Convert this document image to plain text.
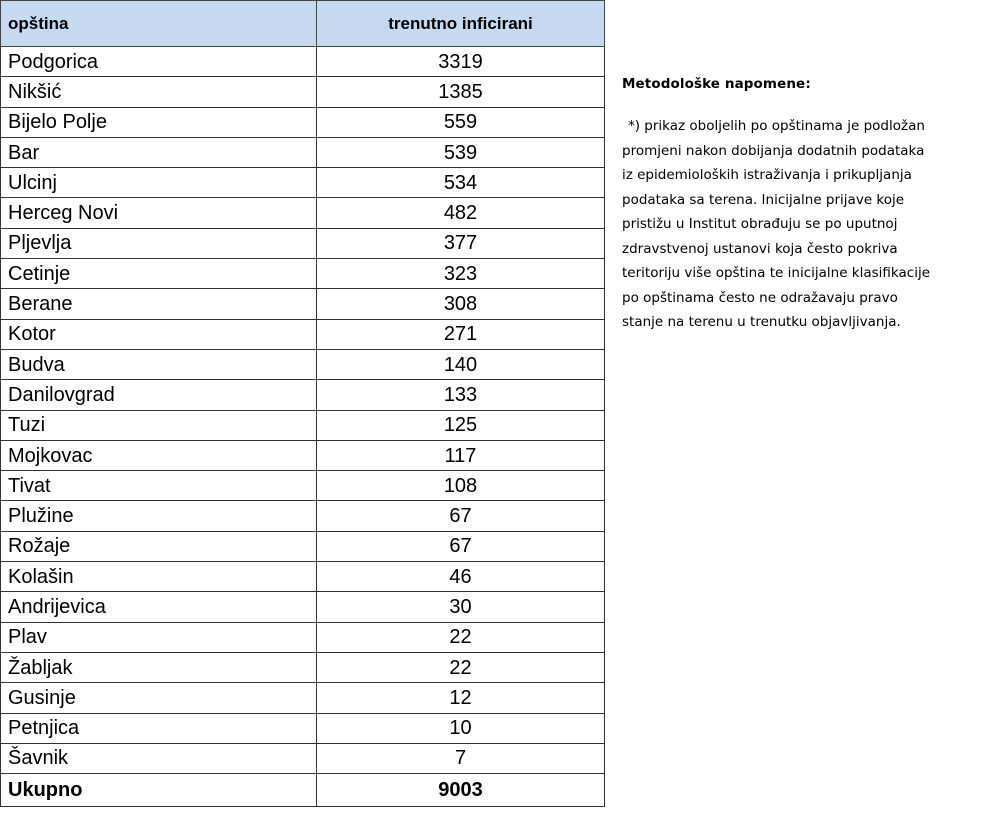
opština	trenutno inficirani
Podgorica	3319
Nikšić	1385
Bijelo Polje	559
Bar	539
Ulcinj	534
Herceg Novi	482
Pljevlja	377
Cetinje	323
Berane	308
Kotor	271
Budva	140
Danilovgrad	133
Tuzi	125
Mojkovac	117
Tivat	108
Plužine	67
Rožaje	67
Kolašin	46
Andrijevica	30
Plav	22
Žabljak	22
Gusinje	12
Petnjica	10
Šavnik	7
Ukupno	9003

Metodološke napomene:

*) prikaz oboljelih po opštinama je podložan
promjeni nakon dobijanja dodatnih podataka
iz epidemioloških istraživanja i prikupljanja
podataka sa terena. Inicijalne prijave koje
pristižu u Institut obrađuju se po uputnoj
zdravstvenoj ustanovi koja često pokriva
teritoriju više opština te inicijalne klasifikacije
po opštinama često ne odražavaju pravo
stanje na terenu u trenutku objavljivanja.
